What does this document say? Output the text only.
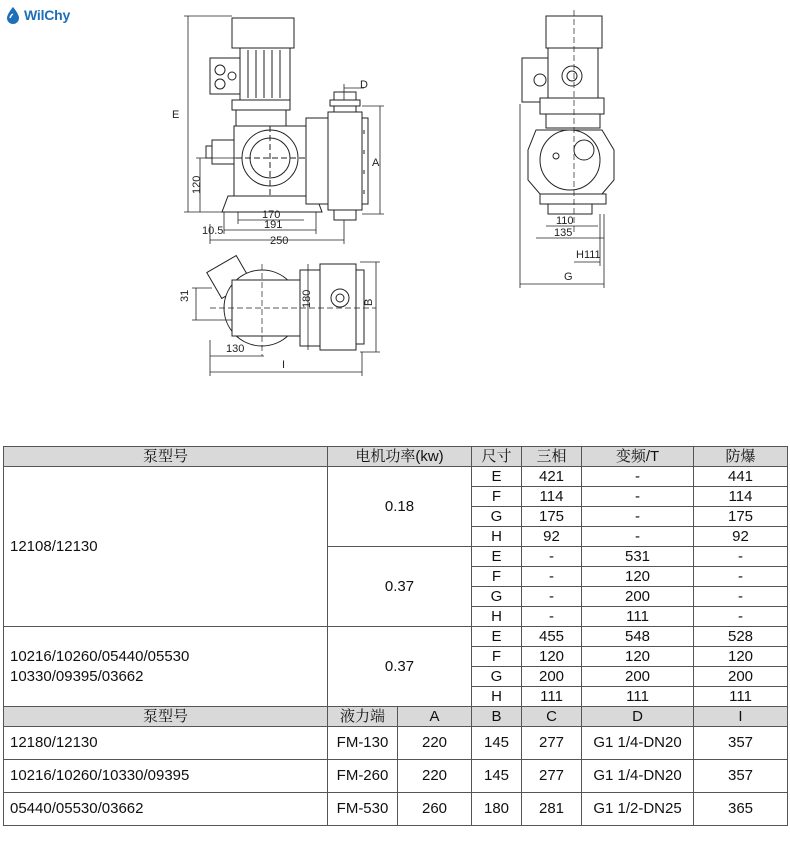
WilChy
E
D
A
120
170
10.5	191
250
110
135
H111
G
31	180	B
130
I
泵型号	电机功率(kw)		尺寸	三相	变频/T	防爆
12108/12130	0.18		E	421	-	441
			F	114	-	114
			G	175	-	175
			H	92	-	92
	0.37		E	-	531	-
			F	-	120	-
			G	-	200	-
			H	-	111	-

10216/10260/05440/05530
10330/09395/03662	0.37		E	455	548	528
			F	120	120	120
			G	200	200	200
			H	111	111	111
泵型号	液力端	A	B	C	D	I
12180/12130	FM-130	220	145	277	G1 1/4-DN20	357
10216/10260/10330/09395	FM-260	220	145	277	G1 1/4-DN20	357
05440/05530/03662	FM-530	260	180	281	G1 1/2-DN25	365
